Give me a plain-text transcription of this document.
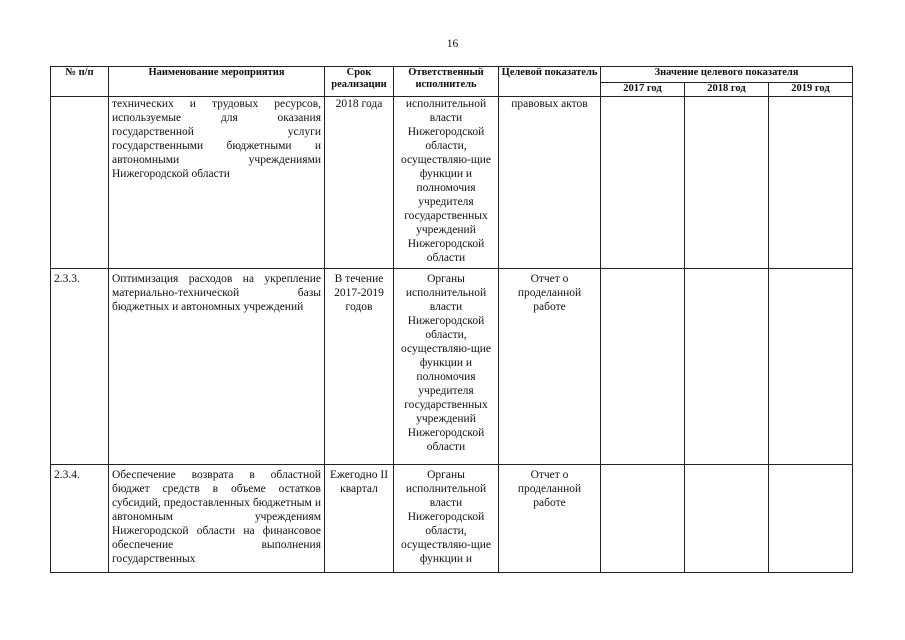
16
№ п/п	Наименование мероприятия	Срок реализации	Ответственный исполнитель	Целевой показатель	Значение целевого показателя		
					2017 год	2018 год	2019 год
	технических и трудовых ресурсов, используемые для оказания государственной услуги государственными бюджетными и автономными учреждениями Нижегородской области	2018 года	исполнительной власти Нижегородской области, осуществляю-щие функции и полномочия учредителя государственных учреждений Нижегородской области	правовых актов			
2.3.3.	Оптимизация расходов на укрепление материально-технической базы бюджетных и автономных учреждений	В течение 2017-2019 годов	Органы исполнительной власти Нижегородской области, осуществляю-щие функции и полномочия учредителя государственных учреждений Нижегородской области	Отчет о проделанной работе			

2.3.4.	Обеспечение возврата в областной бюджет средств в объеме остатков субсидий, предоставленных бюджетным и автономным учреждениям Нижегородской области на финансовое обеспечение выполнения государственных	Ежегодно II квартал	Органы исполнительной власти Нижегородской области, осуществляю-щие функции и	Отчет о проделанной работе			
